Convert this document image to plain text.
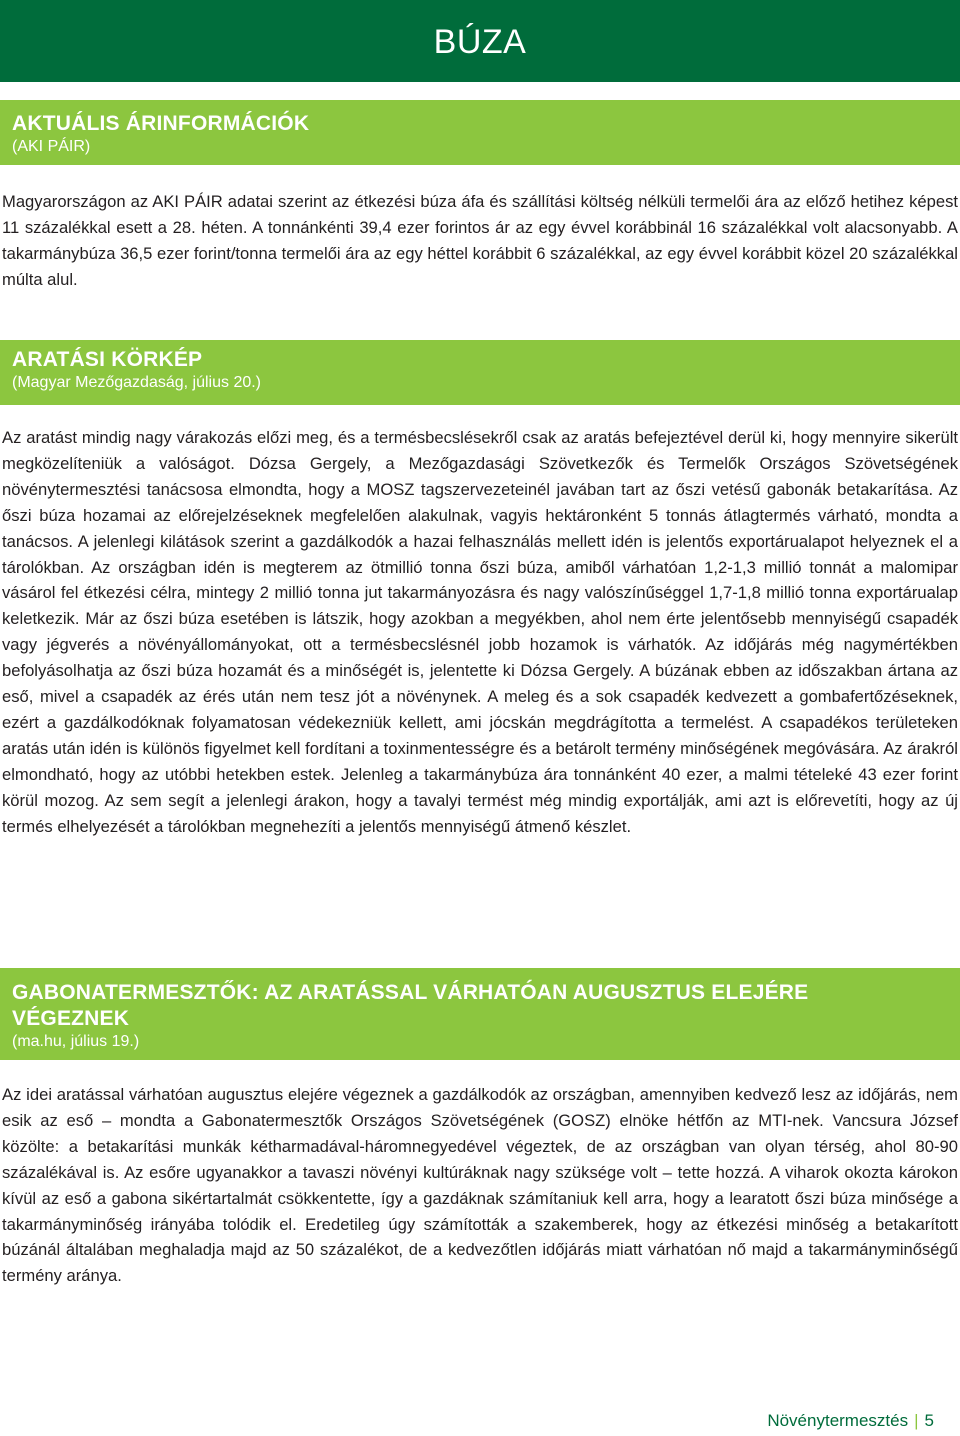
BÚZA
AKTUÁLIS ÁRINFORMÁCIÓK
(AKI PÁIR)

Magyarországon az AKI PÁIR adatai szerint az étkezési búza áfa és szállítási költség nélküli termelői ára az előző hetihez képest 11 százalékkal esett a 28. héten. A tonnánkénti 39,4 ezer forintos ár az egy évvel korábbinál 16 százalékkal volt alacsonyabb. A takarmánybúza 36,5 ezer forint/tonna termelői ára az egy héttel korábbit 6 százalékkal, az egy évvel korábbit közel 20 százalékkal múlta alul.

ARATÁSI KÖRKÉP
(Magyar Mezőgazdaság, július 20.)

Az aratást mindig nagy várakozás előzi meg, és a termésbecslésekről csak az aratás befejeztével derül ki, hogy mennyire sikerült megközelíteniük a valóságot. Dózsa Gergely, a Mezőgazdasági Szövetkezők és Termelők Országos Szövetségének növénytermesztési tanácsosa elmondta, hogy a MOSZ tagszervezeteinél javában tart az őszi vetésű gabonák betakarítása. Az őszi búza hozamai az előrejelzéseknek megfelelően alakulnak, vagyis hektáronként 5 tonnás átlagtermés várható, mondta a tanácsos. A jelenlegi kilátások szerint a gazdálkodók a hazai felhasználás mellett idén is jelentős exportárualapot helyeznek el a tárolókban. Az országban idén is megterem az ötmillió tonna őszi búza, amiből várhatóan 1,2-1,3 millió tonnát a malomipar vásárol fel étkezési célra, mintegy 2 millió tonna jut takarmányozásra és nagy valószínűséggel 1,7-1,8 millió tonna exportárualap keletkezik. Már az őszi búza esetében is látszik, hogy azokban a megyékben, ahol nem érte jelentősebb mennyiségű csapadék vagy jégverés a növényállományokat, ott a termésbecslésnél jobb hozamok is várhatók. Az időjárás még nagymértékben befolyásolhatja az őszi búza hozamát és a minőségét is, jelentette ki Dózsa Gergely. A búzának ebben az időszakban ártana az eső, mivel a csapadék az érés után nem tesz jót a növénynek. A meleg és a sok csapadék kedvezett a gombafertőzéseknek, ezért a gazdálkodóknak folyamatosan védekezniük kellett, ami jócskán megdrágította a termelést. A csapadékos területeken aratás után idén is különös figyelmet kell fordítani a toxinmentességre és a betárolt termény minőségének megóvására. Az árakról elmondható, hogy az utóbbi hetekben estek. Jelenleg a takarmánybúza ára tonnánként 40 ezer, a malmi tételeké 43 ezer forint körül mozog. Az sem segít a jelenlegi árakon, hogy a tavalyi termést még mindig exportálják, ami azt is előrevetíti, hogy az új termés elhelyezését a tárolókban megnehezíti a jelentős mennyiségű átmenő készlet.

GABONATERMESZTŐK: AZ ARATÁSSAL VÁRHATÓAN AUGUSZTUS ELEJÉRE VÉGEZNEK
(ma.hu, július 19.)

Az idei aratással várhatóan augusztus elejére végeznek a gazdálkodók az országban, amennyiben kedvező lesz az időjárás, nem esik az eső – mondta a Gabonatermesztők Országos Szövetségének (GOSZ) elnöke hétfőn az MTI-nek. Vancsura József közölte: a betakarítási munkák kétharmadával-háromnegyedével végeztek, de az országban van olyan térség, ahol 80-90 százalékával is. Az esőre ugyanakkor a tavaszi növényi kultúráknak nagy szüksége volt – tette hozzá. A viharok okozta károkon kívül az eső a gabona sikértartalmát csökkentette, így a gazdáknak számítaniuk kell arra, hogy a learatott őszi búza minősége a takarmányminőség irányába tolódik el. Eredetileg úgy számították a szakemberek, hogy az étkezési minőség a betakarított búzánál általában meghaladja majd az 50 százalékot, de a kedvezőtlen időjárás miatt várhatóan nő majd a takarmányminőségű termény aránya.

Növénytermesztés | 5
